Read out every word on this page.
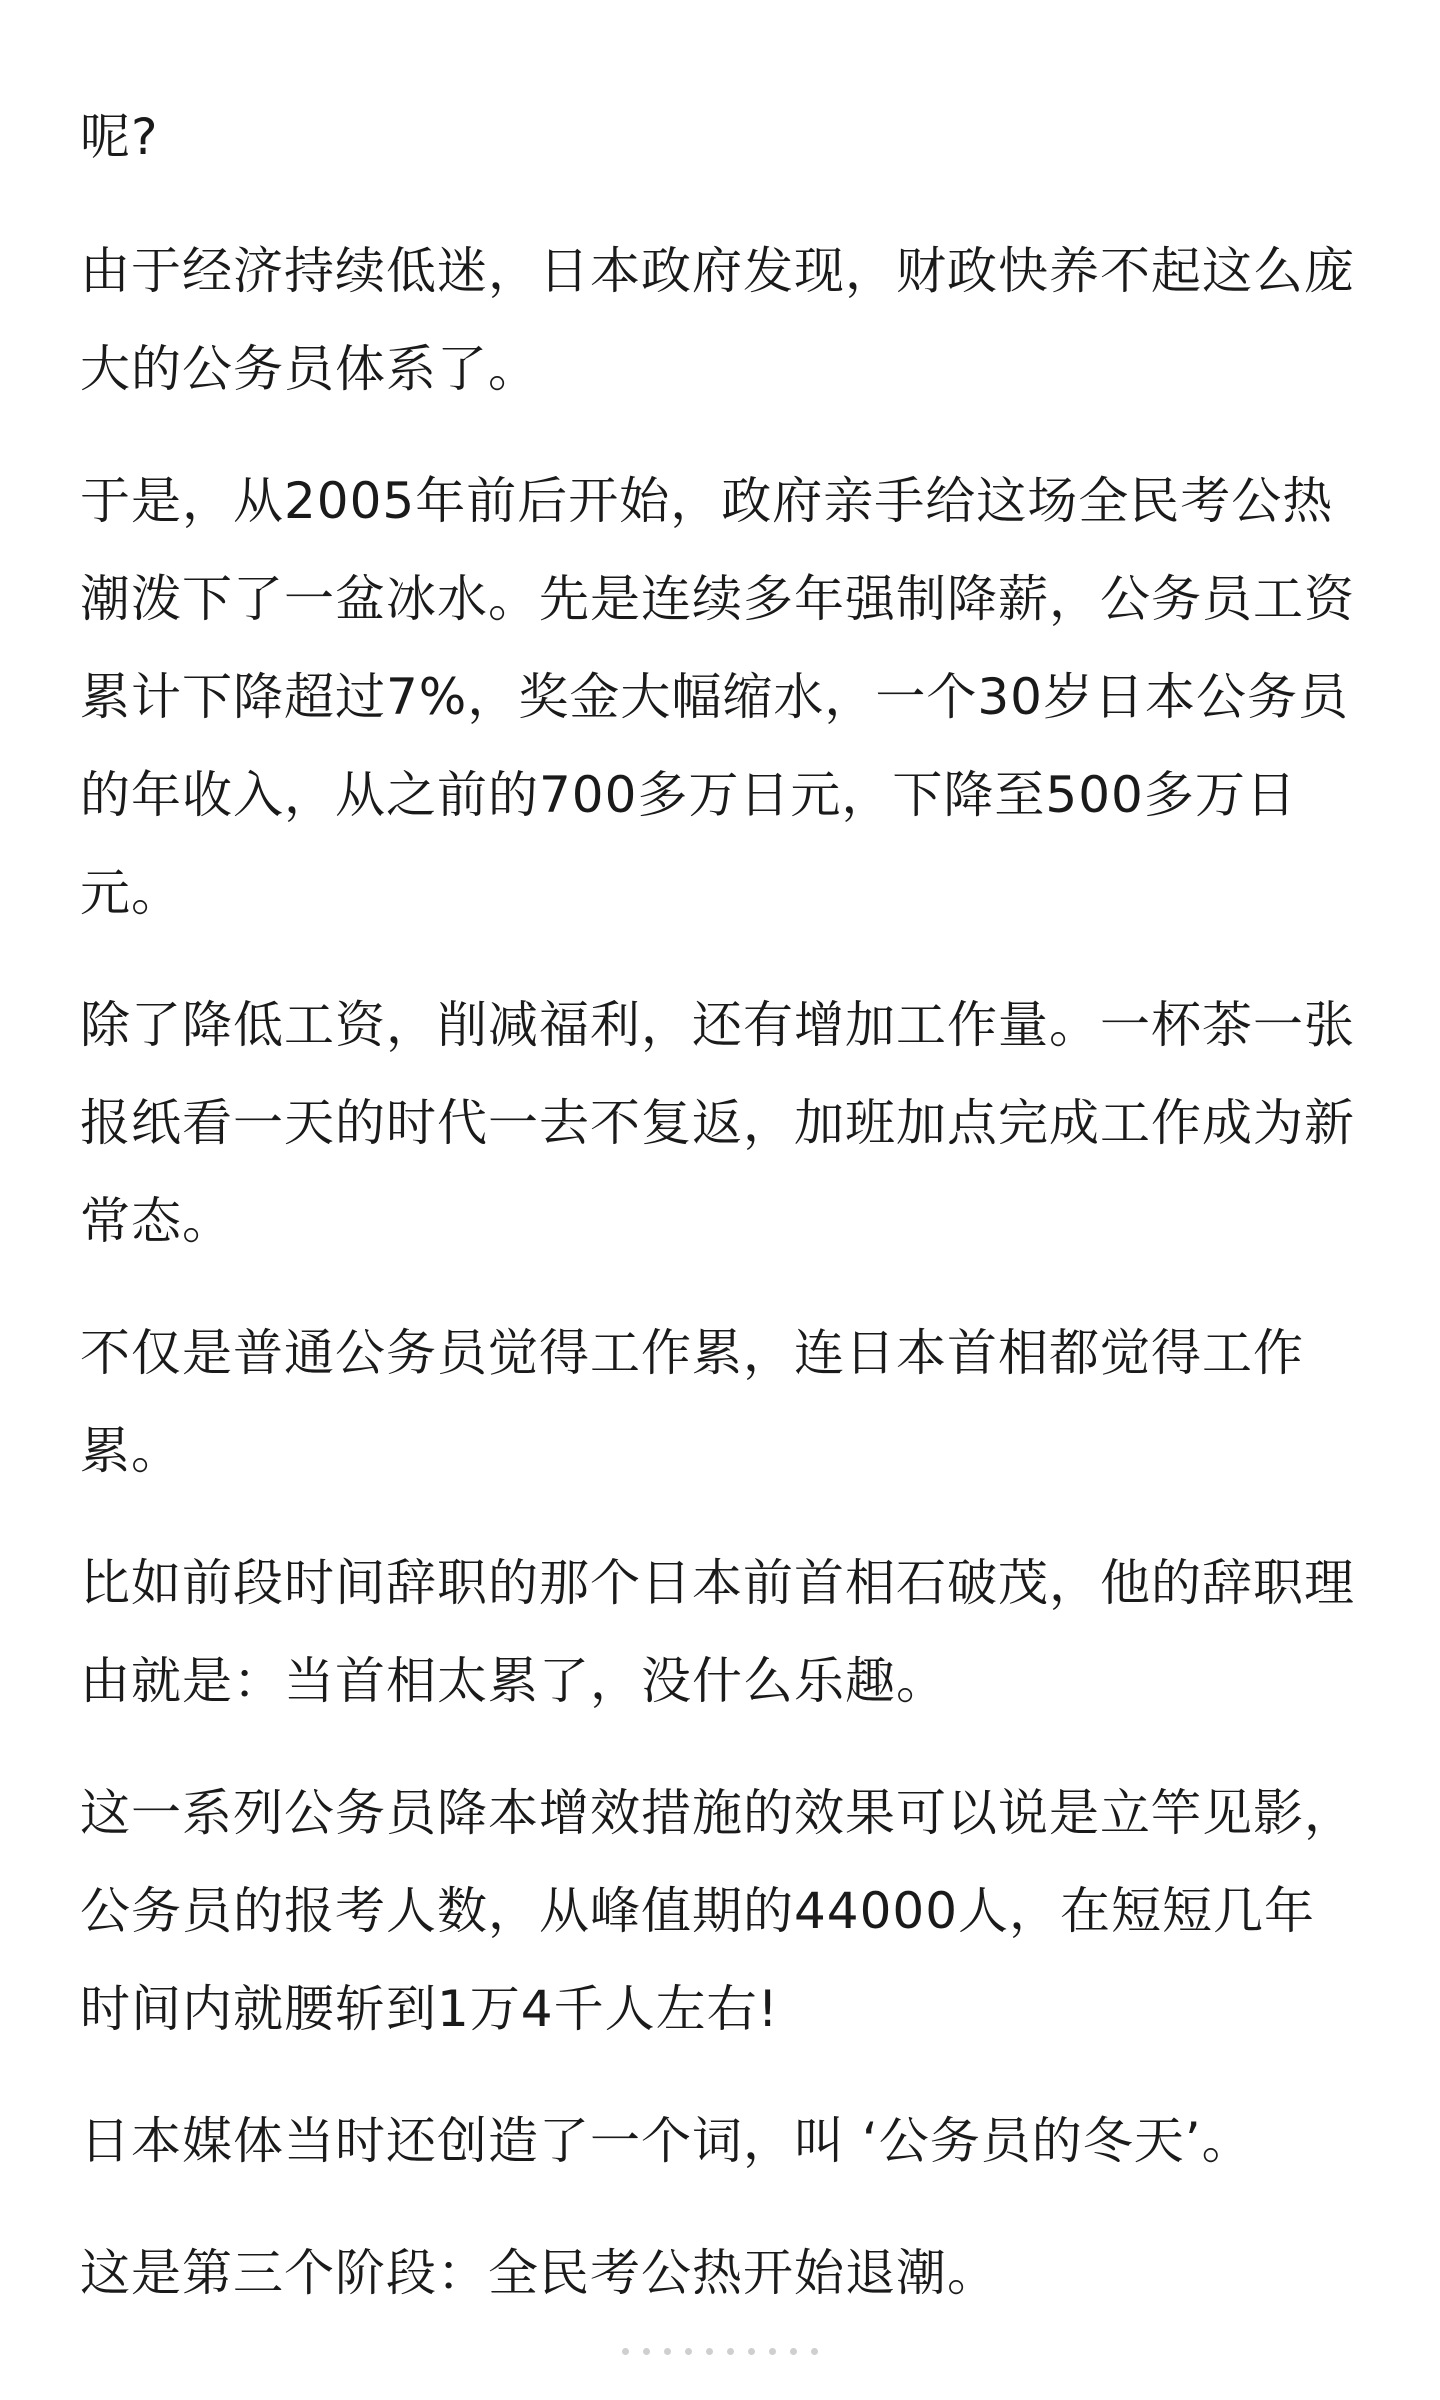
呢?

由于经济持续低迷，日本政府发现，财政快养不起这么庞大的公务员体系了。

于是，从2005年前后开始，政府亲手给这场全民考公热潮泼下了一盆冰水。先是连续多年强制降薪，公务员工资累计下降超过7%，奖金大幅缩水，一个30岁日本公务员的年收入，从之前的700多万日元，下降至500多万日元。

除了降低工资，削减福利，还有增加工作量。一杯茶一张报纸看一天的时代一去不复返，加班加点完成工作成为新常态。

不仅是普通公务员觉得工作累，连日本首相都觉得工作累。

比如前段时间辞职的那个日本前首相石破茂，他的辞职理由就是：当首相太累了，没什么乐趣。

这一系列公务员降本增效措施的效果可以说是立竿见影，公务员的报考人数，从峰值期的44000人，在短短几年时间内就腰斩到1万4千人左右!

日本媒体当时还创造了一个词，叫 ‘公务员的冬天’。

这是第三个阶段：全民考公热开始退潮。
